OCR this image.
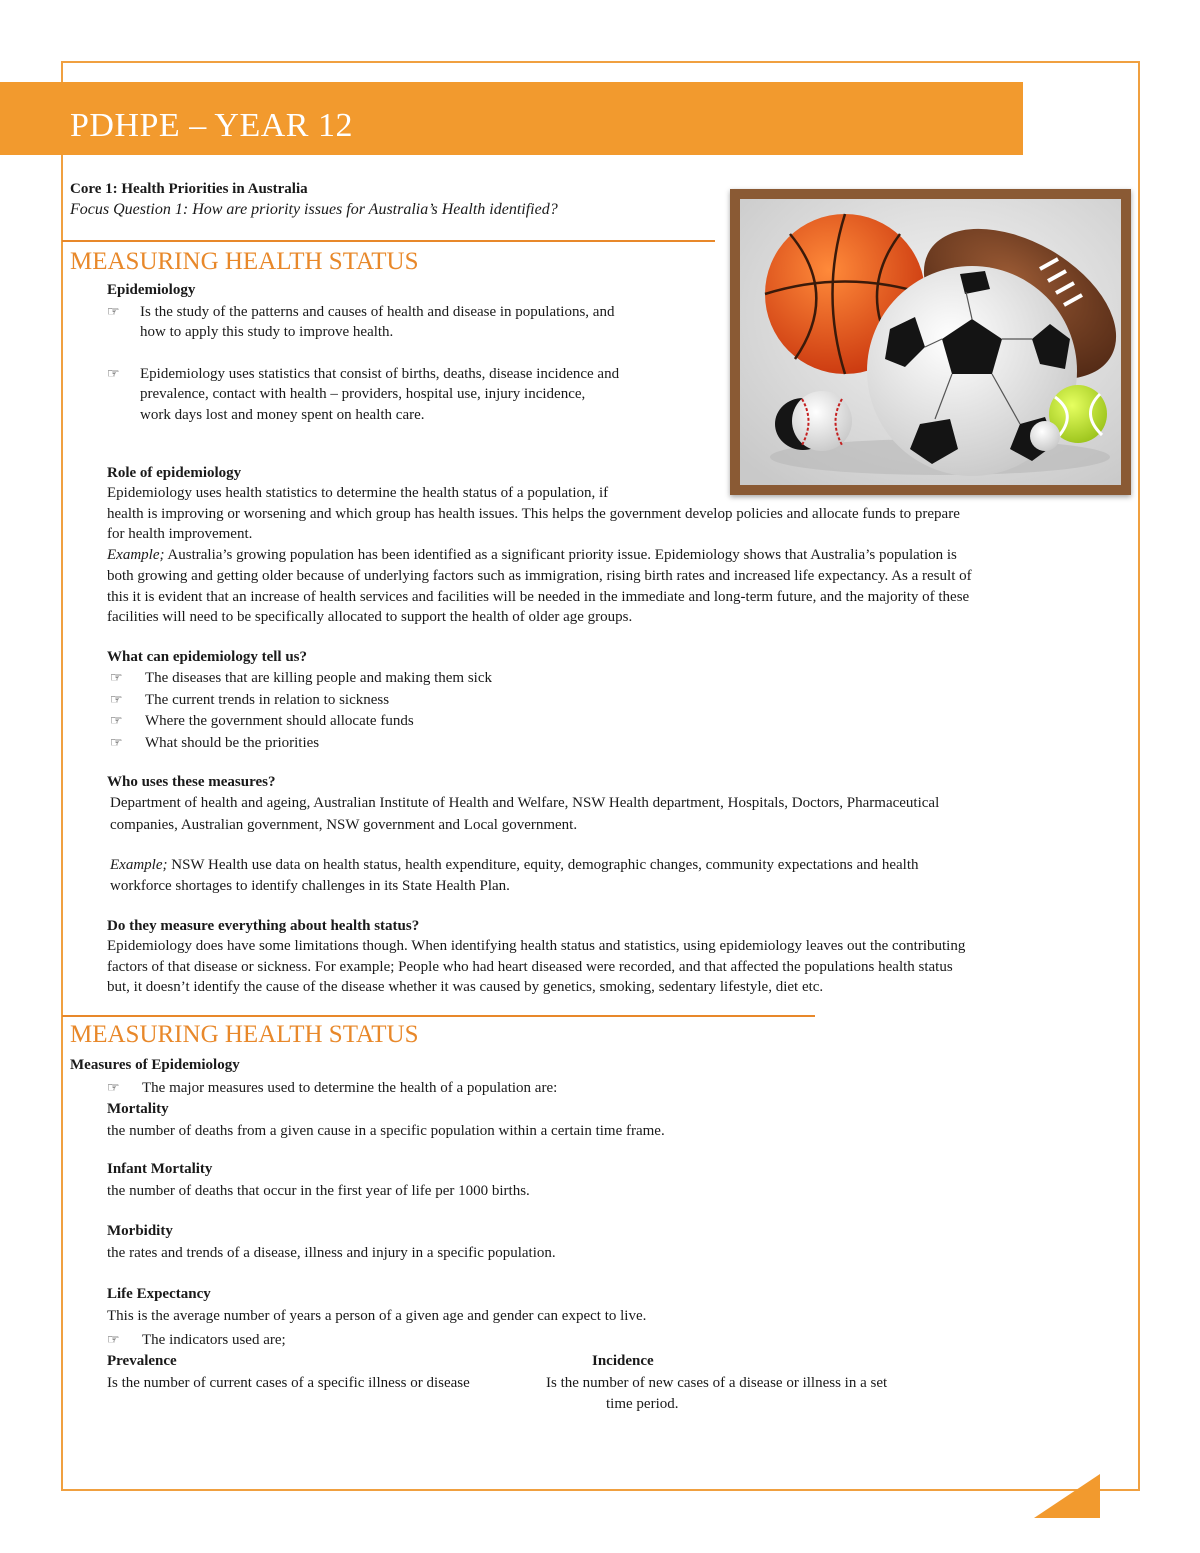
PDHPE – YEAR 12
Core 1: Health Priorities in Australia
Focus Question 1: How are priority issues for Australia’s Health identified?
MEASURING HEALTH STATUS
Epidemiology
☞ Is the study of the patterns and causes of health and disease in populations, and
how to apply this study to improve health.
☞ Epidemiology uses statistics that consist of births, deaths, disease incidence and
prevalence, contact with health – providers, hospital use, injury incidence,
work days lost and money spent on health care.
Role of epidemiology
Epidemiology uses health statistics to determine the health status of a population, if
health is improving or worsening and which group has health issues. This helps the government develop policies and allocate funds to prepare
for health improvement.
Example; Australia’s growing population has been identified as a significant priority issue. Epidemiology shows that Australia’s population is
both growing and getting older because of underlying factors such as immigration, rising birth rates and increased life expectancy. As a result of
this it is evident that an increase of health services and facilities will be needed in the immediate and long-term future, and the majority of these
facilities will need to be specifically allocated to support the health of older age groups.
What can epidemiology tell us?
☞ The diseases that are killing people and making them sick
☞ The current trends in relation to sickness
☞ Where the government should allocate funds
☞ What should be the priorities
Who uses these measures?
Department of health and ageing, Australian Institute of Health and Welfare, NSW Health department, Hospitals, Doctors, Pharmaceutical
companies, Australian government, NSW government and Local government.
Example; NSW Health use data on health status, health expenditure, equity, demographic changes, community expectations and health
workforce shortages to identify challenges in its State Health Plan.
Do they measure everything about health status?
Epidemiology does have some limitations though. When identifying health status and statistics, using epidemiology leaves out the contributing
factors of that disease or sickness. For example; People who had heart diseased were recorded, and that affected the populations health status
but, it doesn’t identify the cause of the disease whether it was caused by genetics, smoking, sedentary lifestyle, diet etc.
MEASURING HEALTH STATUS
Measures of Epidemiology
☞ The major measures used to determine the health of a population are:
Mortality
the number of deaths from a given cause in a specific population within a certain time frame.
Infant Mortality
the number of deaths that occur in the first year of life per 1000 births.
Morbidity
the rates and trends of a disease, illness and injury in a specific population.
Life Expectancy
This is the average number of years a person of a given age and gender can expect to live.
☞ The indicators used are;
Prevalence
Is the number of current cases of a specific illness or disease
Incidence
Is the number of new cases of a disease or illness in a set
time period.
